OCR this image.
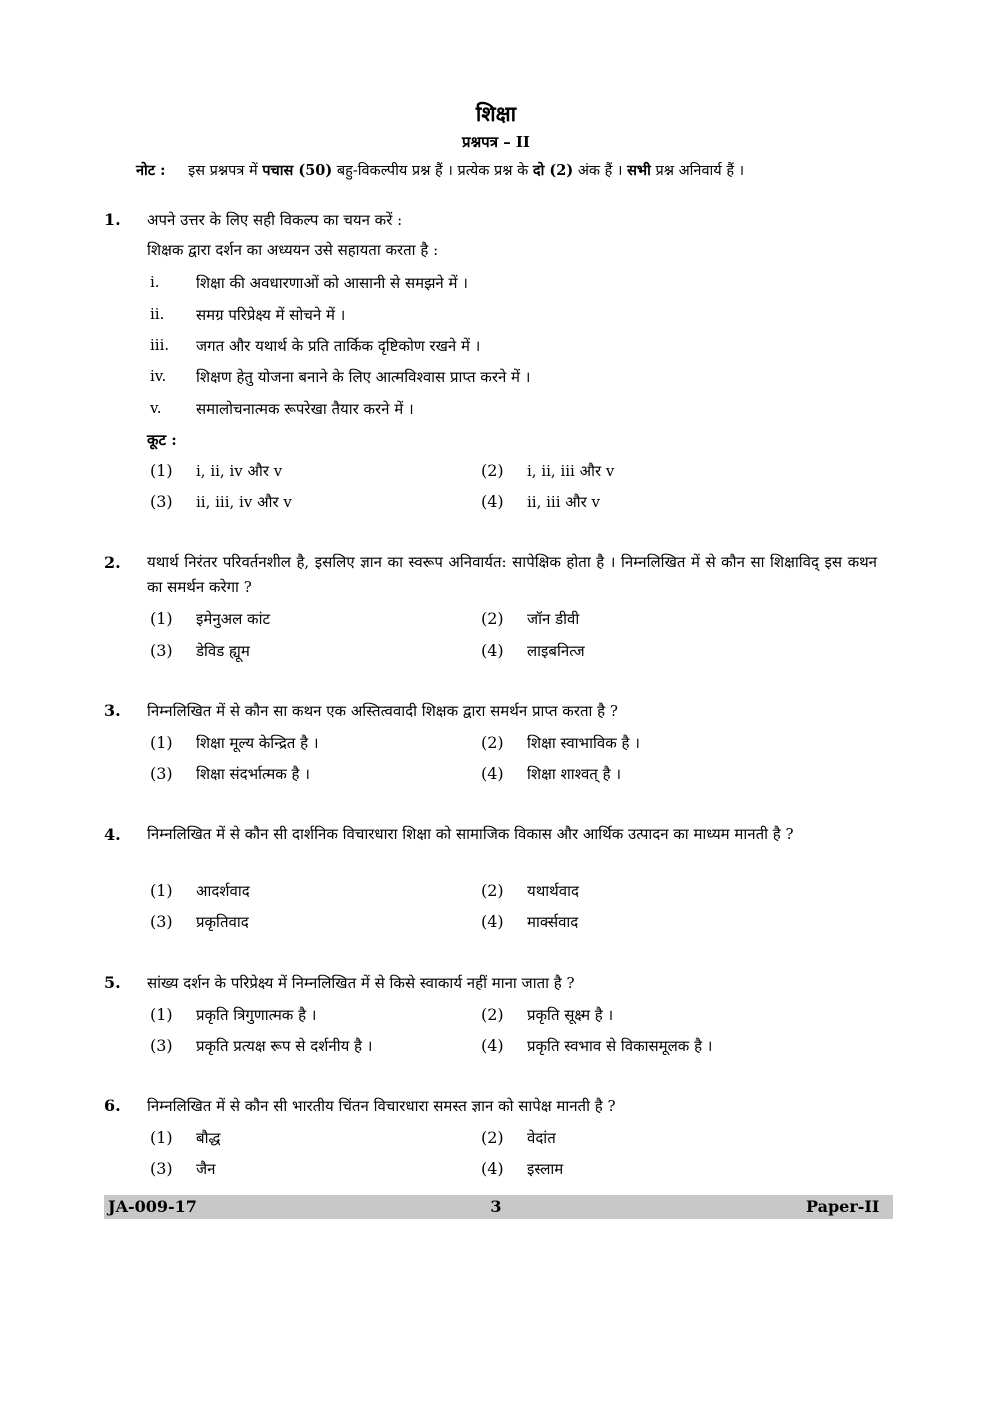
शिक्षा
प्रश्नपत्र – II
नोट : इस प्रश्नपत्र में पचास (50) बहु-विकल्पीय प्रश्न हैं । प्रत्येक प्रश्न के दो (2) अंक हैं । सभी प्रश्न अनिवार्य हैं ।
1. अपने उत्तर के लिए सही विकल्प का चयन करें :
शिक्षक द्वारा दर्शन का अध्ययन उसे सहायता करता है :
i. शिक्षा की अवधारणाओं को आसानी से समझने में ।
ii. समग्र परिप्रेक्ष्य में सोचने में ।
iii. जगत और यथार्थ के प्रति तार्किक दृष्टिकोण रखने में ।
iv. शिक्षण हेतु योजना बनाने के लिए आत्मविश्वास प्राप्त करने में ।
v. समालोचनात्मक रूपरेखा तैयार करने में ।
कूट :
(1) i, ii, iv और v	(2) i, ii, iii और v
(3) ii, iii, iv और v	(4) ii, iii और v
2. यथार्थ निरंतर परिवर्तनशील है, इसलिए ज्ञान का स्वरूप अनिवार्यत: सापेक्षिक होता है । निम्नलिखित में से कौन सा शिक्षाविद् इस कथन का समर्थन करेगा ?
(1) इमेनुअल कांट	(2) जॉन डीवी
(3) डेविड ह्यूम	(4) लाइबनित्ज
3. निम्नलिखित में से कौन सा कथन एक अस्तित्ववादी शिक्षक द्वारा समर्थन प्राप्त करता है ?
(1) शिक्षा मूल्य केन्द्रित है ।	(2) शिक्षा स्वाभाविक है ।
(3) शिक्षा संदर्भात्मक है ।	(4) शिक्षा शाश्वत् है ।
4. निम्नलिखित में से कौन सी दार्शनिक विचारधारा शिक्षा को सामाजिक विकास और आर्थिक उत्पादन का माध्यम मानती है ?
(1) आदर्शवाद	(2) यथार्थवाद
(3) प्रकृतिवाद	(4) मार्क्सवाद
5. सांख्य दर्शन के परिप्रेक्ष्य में निम्नलिखित में से किसे स्वाकार्य नहीं माना जाता है ?
(1) प्रकृति त्रिगुणात्मक है ।	(2) प्रकृति सूक्ष्म है ।
(3) प्रकृति प्रत्यक्ष रूप से दर्शनीय है ।	(4) प्रकृति स्वभाव से विकासमूलक है ।
6. निम्नलिखित में से कौन सी भारतीय चिंतन विचारधारा समस्त ज्ञान को सापेक्ष मानती है ?
(1) बौद्ध	(2) वेदांत
(3) जैन	(4) इस्लाम
JA-009-17	3	Paper-II
